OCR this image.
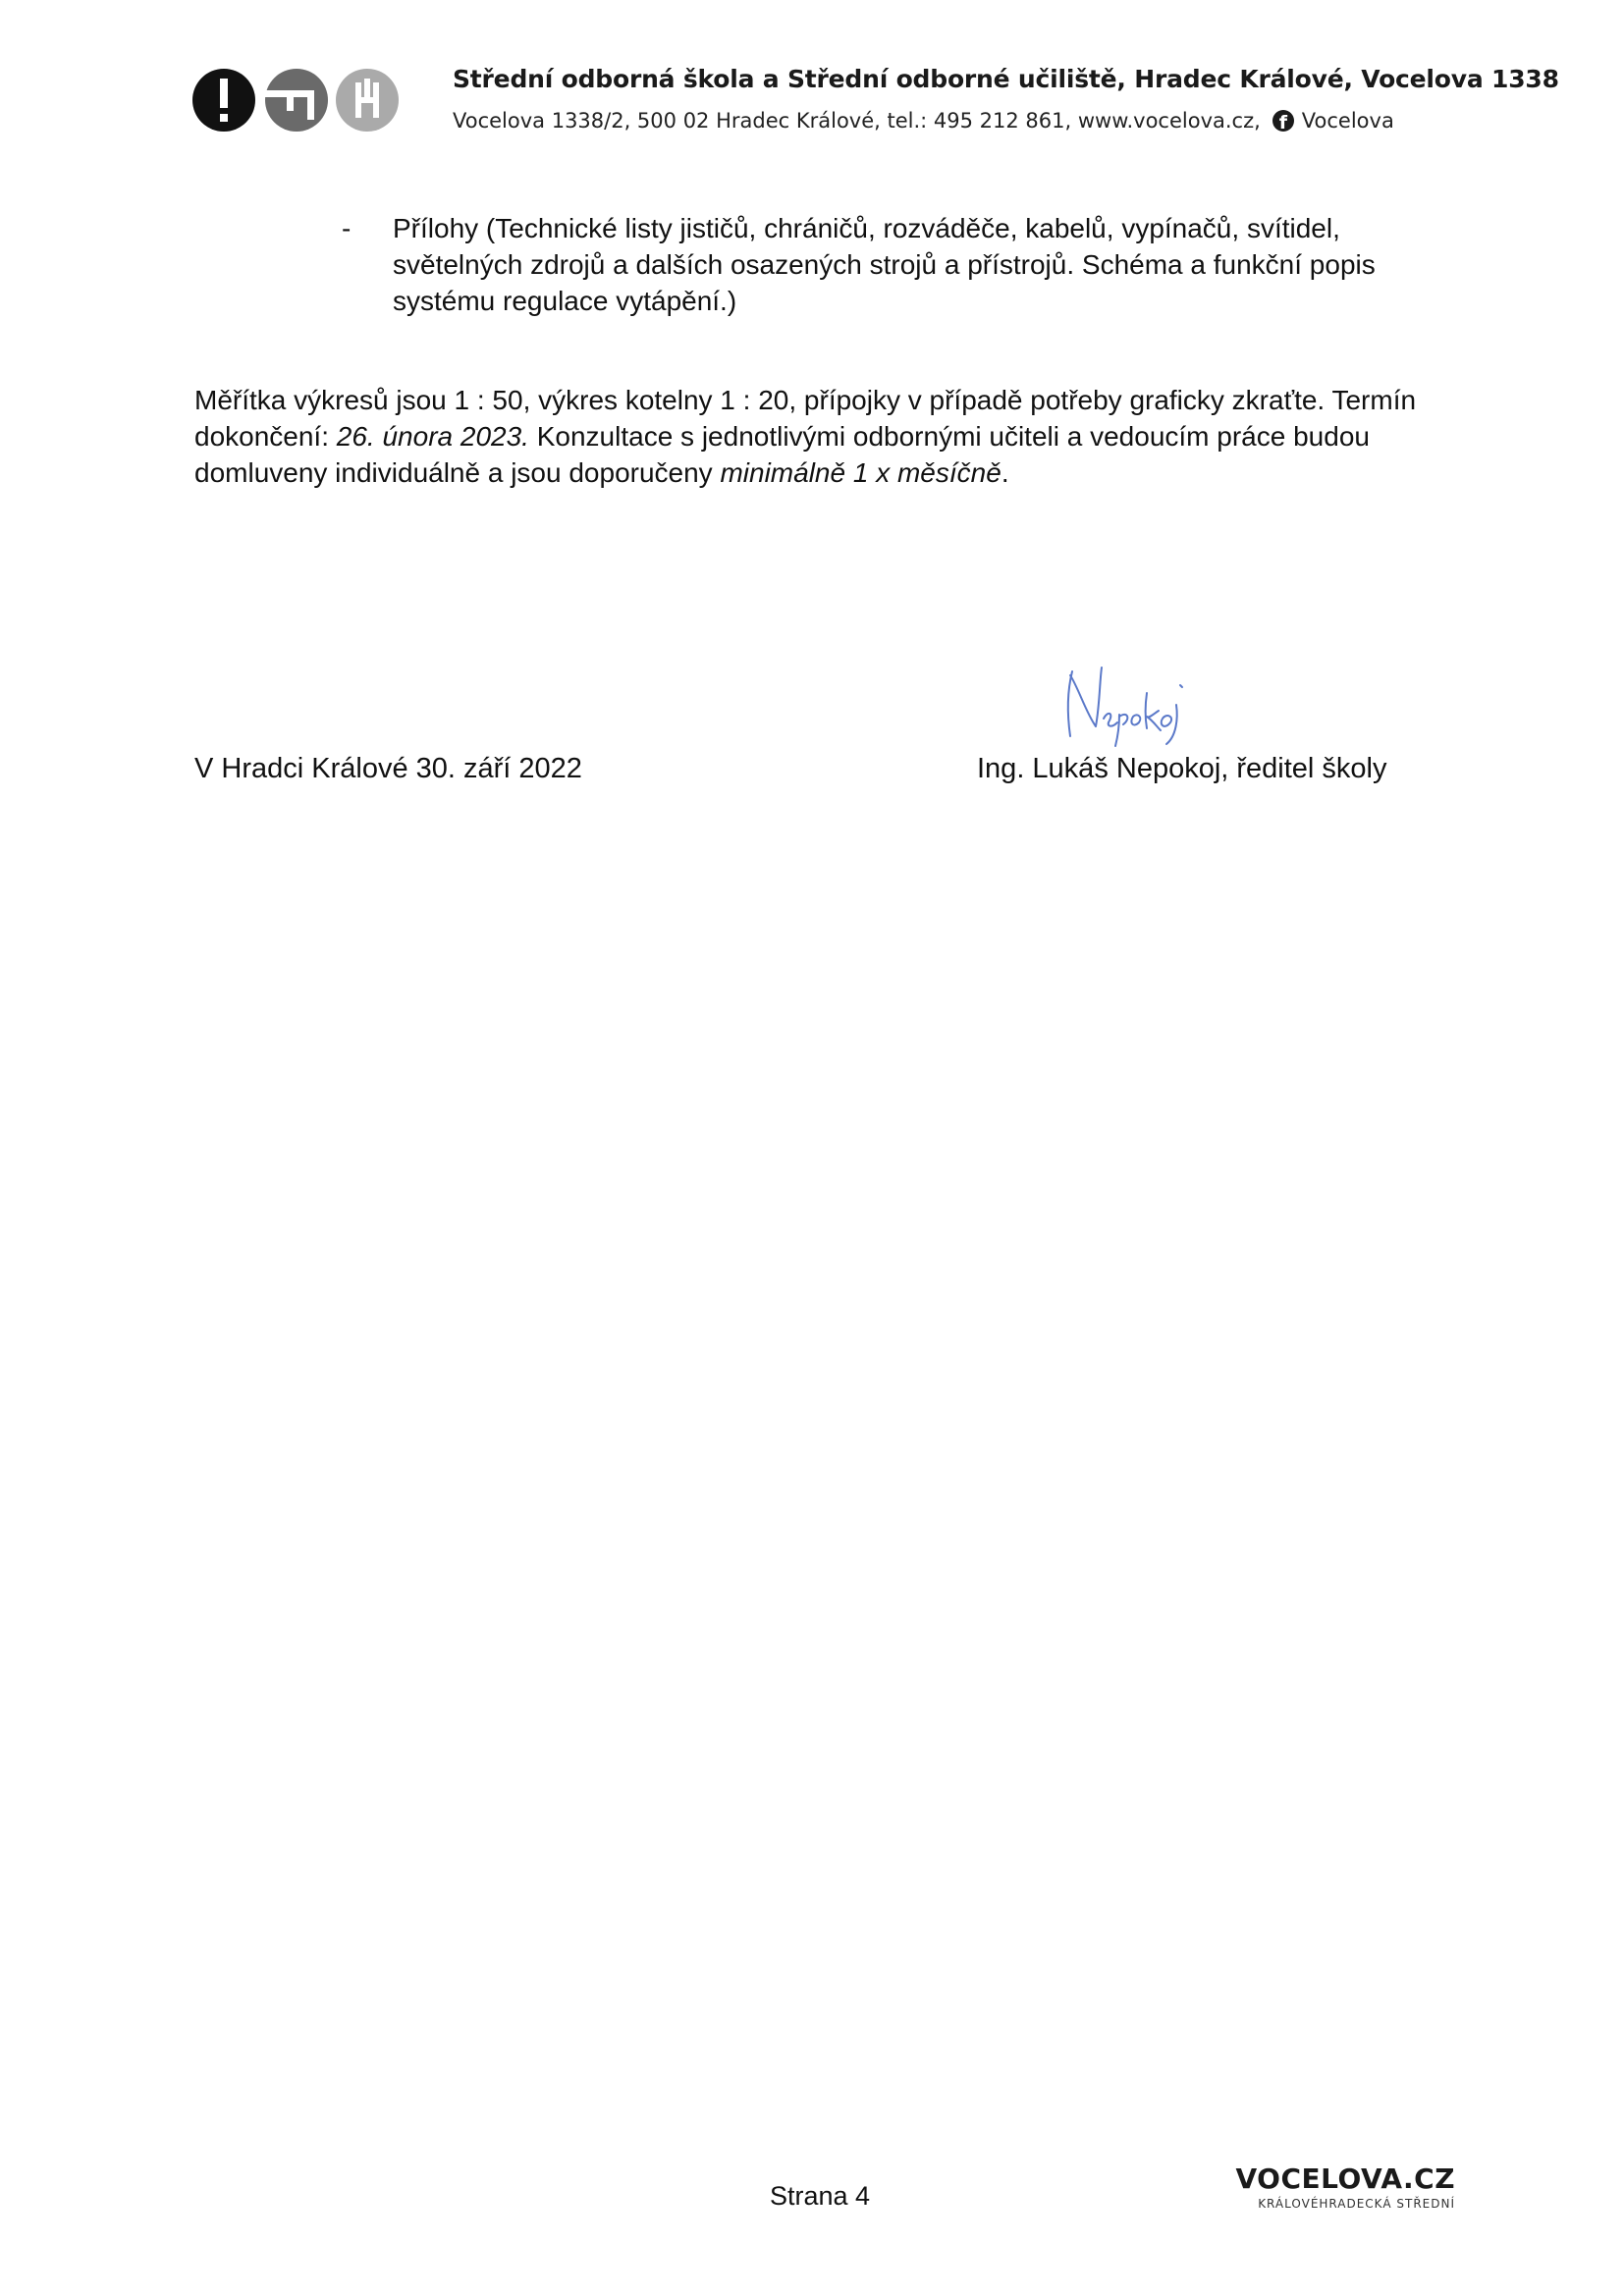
Střední odborná škola a Střední odborné učiliště, Hradec Králové, Vocelova 1338
Vocelova 1338/2, 500 02 Hradec Králové, tel.: 495 212 861, www.vocelova.cz,
f Vocelova
- Přílohy (Technické listy jističů, chráničů, rozváděče, kabelů, vypínačů, svítidel, světelných zdrojů a dalších osazených strojů a přístrojů. Schéma a funkční popis systému regulace vytápění.)
Měřítka výkresů jsou 1 : 50, výkres kotelny 1 : 20, přípojky v případě potřeby graficky zkraťte. Termín dokončení: 26. února 2023. Konzultace s jednotlivými odbornými učiteli a vedoucím práce budou domluveny individuálně a jsou doporučeny minimálně 1 x měsíčně.
V Hradci Králové 30. září 2022	Ing. Lukáš Nepokoj, ředitel školy
Strana 4
VOCELOVA.CZ
KRÁLOVÉHRADECKÁ STŘEDNÍ
